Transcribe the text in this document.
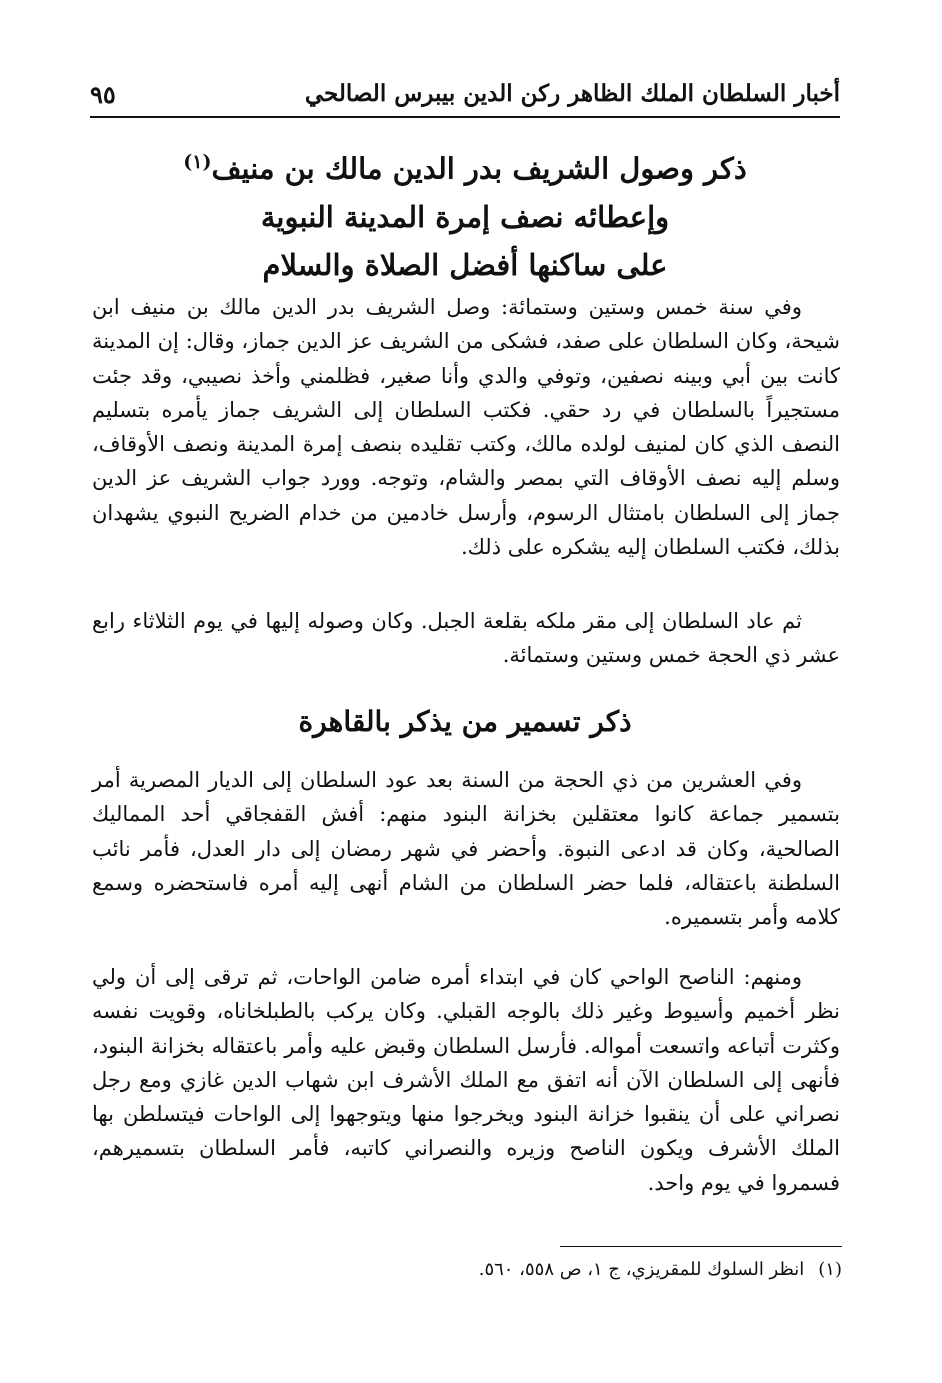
أخبار السلطان الملك الظاهر ركن الدين بيبرس الصالحي
٩٥
ذكر وصول الشريف بدر الدين مالك بن منيف$^{(١)}$
وإعطائه نصف إمرة المدينة النبوية
على ساكنها أفضل الصلاة والسلام

وفي سنة خمس وستين وستمائة: وصل الشريف بدر الدين مالك بن منيف ابن شيحة، وكان السلطان على صفد، فشكى من الشريف عز الدين جماز، وقال: إن المدينة كانت بين أبي وبينه نصفين، وتوفي والدي وأنا صغير، فظلمني وأخذ نصيبي، وقد جئت مستجيراً بالسلطان في رد حقي. فكتب السلطان إلى الشريف جماز يأمره بتسليم النصف الذي كان لمنيف لولده مالك، وكتب تقليده بنصف إمرة المدينة ونصف الأوقاف، وسلم إليه نصف الأوقاف التي بمصر والشام، وتوجه. وورد جواب الشريف عز الدين جماز إلى السلطان بامتثال الرسوم، وأرسل خادمين من خدام الضريح النبوي يشهدان بذلك، فكتب السلطان إليه يشكره على ذلك.

ثم عاد السلطان إلى مقر ملكه بقلعة الجبل. وكان وصوله إليها في يوم الثلاثاء رابع عشر ذي الحجة خمس وستين وستمائة.

ذكر تسمير من يذكر بالقاهرة

وفي العشرين من ذي الحجة من السنة بعد عود السلطان إلى الديار المصرية أمر بتسمير جماعة كانوا معتقلين بخزانة البنود منهم: أفش القفجاقي أحد المماليك الصالحية، وكان قد ادعى النبوة. وأحضر في شهر رمضان إلى دار العدل، فأمر نائب السلطنة باعتقاله، فلما حضر السلطان من الشام أنهى إليه أمره فاستحضره وسمع كلامه وأمر بتسميره.

ومنهم: الناصح الواحي كان في ابتداء أمره ضامن الواحات، ثم ترقى إلى أن ولي نظر أخميم وأسيوط وغير ذلك بالوجه القبلي. وكان يركب بالطبلخاناه، وقويت نفسه وكثرت أتباعه واتسعت أمواله. فأرسل السلطان وقبض عليه وأمر باعتقاله بخزانة البنود، فأنهى إلى السلطان الآن أنه اتفق مع الملك الأشرف ابن شهاب الدين غازي ومع رجل نصراني على أن ينقبوا خزانة البنود ويخرجوا منها ويتوجهوا إلى الواحات فيتسلطن بها الملك الأشرف ويكون الناصح وزيره والنصراني كاتبه، فأمر السلطان بتسميرهم، فسمروا في يوم واحد.

(١)انظر السلوك للمقريزي، ج ١، ص ٥٥٨، ٥٦٠.
